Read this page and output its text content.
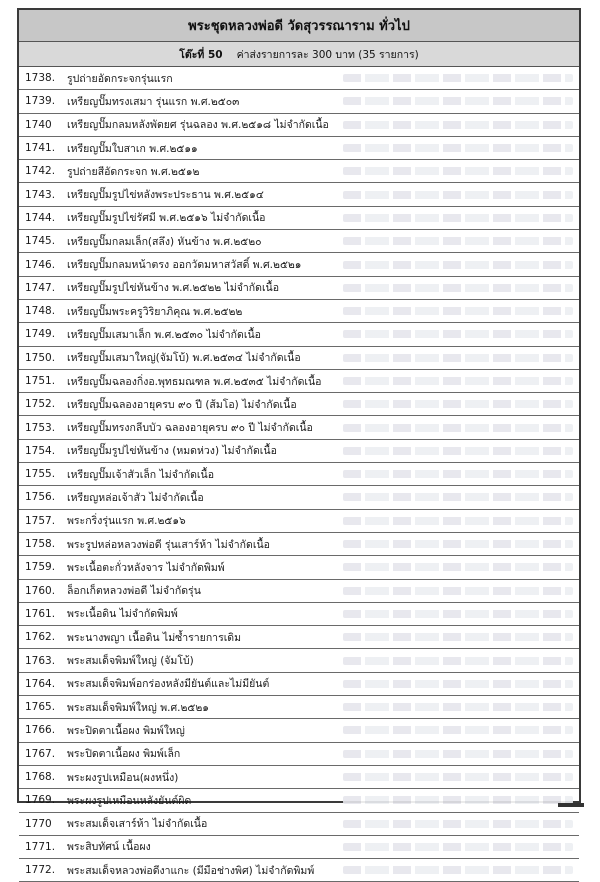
พระชุดหลวงพ่อดี วัดสุวรรณาราม ทั่วไป
โต๊ะที่ 50 ค่าส่งรายการละ 300 บาท (35 รายการ)
1738.	รูปถ่ายอัดกระจกรุ่นแรก
1739.	เหรียญปั๊มทรงเสมา รุ่นแรก พ.ศ.๒๕๐๓
1740	เหรียญปั๊มกลมหลังพัดยศ รุ่นฉลอง พ.ศ.๒๕๑๘ ไม่จำกัดเนื้อ
1741.	เหรียญปั๊มใบสาเก พ.ศ.๒๕๑๑
1742.	รูปถ่ายสีอัดกระจก พ.ศ.๒๕๑๒
1743.	เหรียญปั๊มรูปไข่หลังพระประธาน พ.ศ.๒๕๑๔
1744.	เหรียญปั๊มรูปไข่รัศมี พ.ศ.๒๕๑๖ ไม่จำกัดเนื้อ
1745.	เหรียญปั๊มกลมเล็ก(สลึง) หันข้าง พ.ศ.๒๕๒๐
1746.	เหรียญปั๊มกลมหน้าตรง ออกวัดมหาสวัสดิ์ พ.ศ.๒๕๒๑
1747.	เหรียญปั๊มรูปไข่หันข้าง พ.ศ.๒๕๒๒ ไม่จำกัดเนื้อ
1748.	เหรียญปั๊มพระครูวิริยาภิคุณ พ.ศ.๒๕๒๒
1749.	เหรียญปั๊มเสมาเล็ก พ.ศ.๒๕๓๐ ไม่จำกัดเนื้อ
1750.	เหรียญปั๊มเสมาใหญ่(จัมโบ้) พ.ศ.๒๕๓๔ ไม่จำกัดเนื้อ
1751.	เหรียญปั๊มฉลองกิ่งอ.พุทธมณฑล พ.ศ.๒๕๓๕ ไม่จำกัดเนื้อ
1752.	เหรียญปั๊มฉลองอายุครบ ๙๐ ปี (ส้มโอ) ไม่จำกัดเนื้อ
1753.	เหรียญปั๊มทรงกลีบบัว ฉลองอายุครบ ๙๐ ปี ไม่จำกัดเนื้อ
1754.	เหรียญปั๊มรูปไข่หันข้าง (หมดห่วง) ไม่จำกัดเนื้อ
1755.	เหรียญปั๊มเจ้าสัวเล็ก ไม่จำกัดเนื้อ
1756.	เหรียญหล่อเจ้าสัว ไม่จำกัดเนื้อ
1757.	พระกริ่งรุ่นแรก พ.ศ.๒๕๑๖
1758.	พระรูปหล่อหลวงพ่อดี รุ่นเสาร์ห้า ไม่จำกัดเนื้อ
1759.	พระเนื้อตะกั่วหลังจาร ไม่จำกัดพิมพ์
1760.	ล็อกเก็ตหลวงพ่อดี ไม่จำกัดรุ่น
1761.	พระเนื้อดิน ไม่จำกัดพิมพ์
1762.	พระนางพญา เนื้อดิน ไม่ซ้ำรายการเดิม
1763.	พระสมเด็จพิมพ์ใหญ่ (จัมโบ้)
1764.	พระสมเด็จพิมพ์อกร่องหลังมียันต์และไม่มียันต์
1765.	พระสมเด็จพิมพ์ใหญ่ พ.ศ.๒๕๒๑
1766.	พระปิดตาเนื้อผง พิมพ์ใหญ่
1767.	พระปิดตาเนื้อผง พิมพ์เล็ก
1768.	พระผงรูปเหมือน(ผงหนึ่ง)
1769.	พระผงรูปเหมือนหลังยันต์ผิด
1770	พระสมเด็จเสาร์ห้า ไม่จำกัดเนื้อ
1771.	พระสิบทัศน์ เนื้อผง
1772.	พระสมเด็จหลวงพ่อดีงาแกะ (มีมือช่างพิศ) ไม่จำกัดพิมพ์
